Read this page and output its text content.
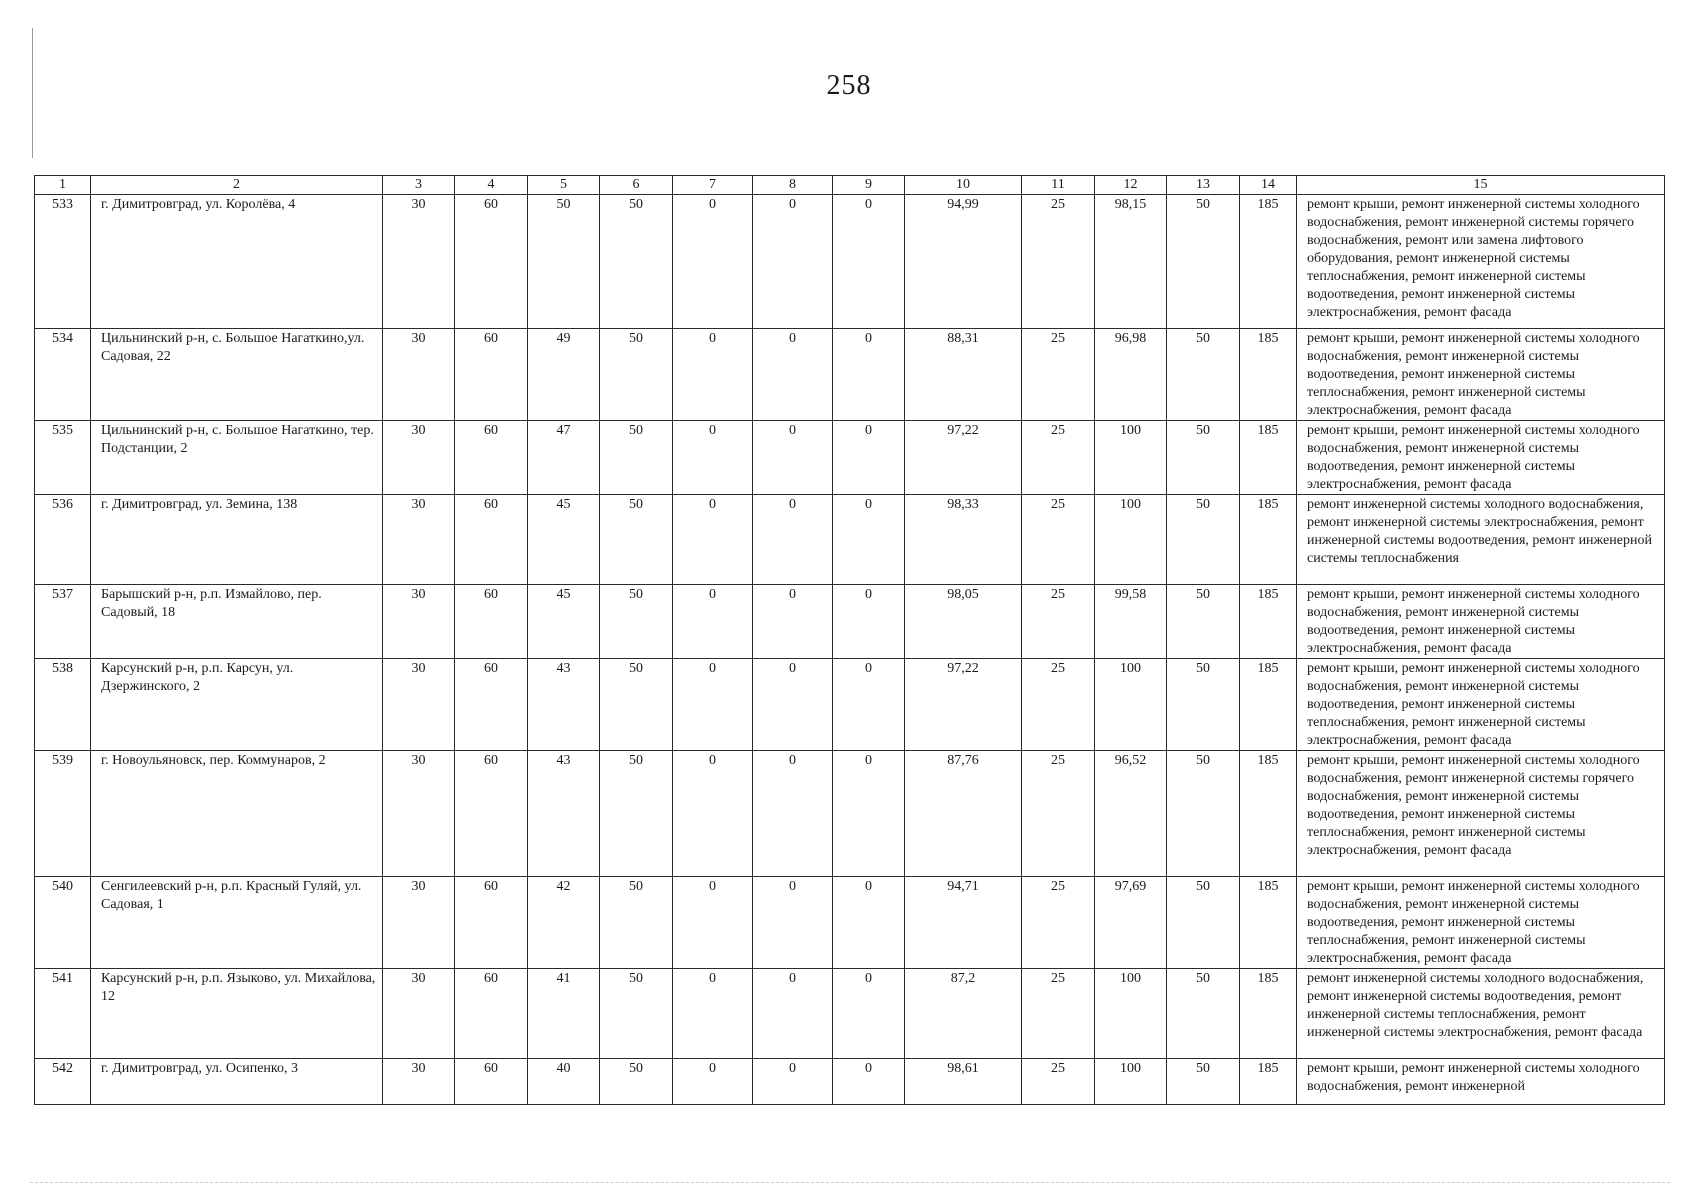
258
1	2	3	4	5	6	7	8	9	10	11	12	13	14	15
533	г. Димитровград, ул. Королёва, 4	30	60	50	50	0	0	0	94,99	25	98,15	50	185	ремонт крыши, ремонт инженерной системы холодного водоснабжения, ремонт инженерной системы горячего водоснабжения, ремонт или замена лифтового оборудования, ремонт инженерной системы теплоснабжения, ремонт инженерной системы водоотведения, ремонт инженерной системы электроснабжения, ремонт фасада
534	Цильнинский р-н, с. Большое Нагаткино,ул. Садовая, 22	30	60	49	50	0	0	0	88,31	25	96,98	50	185	ремонт крыши, ремонт инженерной системы холодного водоснабжения, ремонт инженерной системы водоотведения, ремонт инженерной системы теплоснабжения, ремонт инженерной системы электроснабжения, ремонт фасада
535	Цильнинский р-н, с. Большое Нагаткино, тер. Подстанции, 2	30	60	47	50	0	0	0	97,22	25	100	50	185	ремонт крыши, ремонт инженерной системы холодного водоснабжения, ремонт инженерной системы водоотведения, ремонт инженерной системы электроснабжения, ремонт фасада
536	г. Димитровград, ул. Земина, 138	30	60	45	50	0	0	0	98,33	25	100	50	185	ремонт инженерной системы холодного водоснабжения, ремонт инженерной системы электроснабжения, ремонт инженерной системы водоотведения, ремонт инженерной системы теплоснабжения
537	Барышский р-н, р.п. Измайлово, пер. Садовый, 18	30	60	45	50	0	0	0	98,05	25	99,58	50	185	ремонт крыши, ремонт инженерной системы холодного водоснабжения, ремонт инженерной системы водоотведения, ремонт инженерной системы электроснабжения, ремонт фасада
538	Карсунский р-н, р.п. Карсун, ул. Дзержинского, 2	30	60	43	50	0	0	0	97,22	25	100	50	185	ремонт крыши, ремонт инженерной системы холодного водоснабжения, ремонт инженерной системы водоотведения, ремонт инженерной системы теплоснабжения, ремонт инженерной системы электроснабжения, ремонт фасада
539	г. Новоульяновск, пер. Коммунаров, 2	30	60	43	50	0	0	0	87,76	25	96,52	50	185	ремонт крыши, ремонт инженерной системы холодного водоснабжения, ремонт инженерной системы горячего водоснабжения, ремонт инженерной системы водоотведения, ремонт инженерной системы теплоснабжения, ремонт инженерной системы электроснабжения, ремонт фасада
540	Сенгилеевский р-н, р.п. Красный Гуляй, ул. Садовая, 1	30	60	42	50	0	0	0	94,71	25	97,69	50	185	ремонт крыши, ремонт инженерной системы холодного водоснабжения, ремонт инженерной системы водоотведения, ремонт инженерной системы теплоснабжения, ремонт инженерной системы электроснабжения, ремонт фасада
541	Карсунский р-н, р.п. Языково, ул. Михайлова, 12	30	60	41	50	0	0	0	87,2	25	100	50	185	ремонт инженерной системы холодного водоснабжения, ремонт инженерной системы водоотведения, ремонт инженерной системы теплоснабжения, ремонт инженерной системы электроснабжения, ремонт фасада
542	г. Димитровград, ул. Осипенко, 3	30	60	40	50	0	0	0	98,61	25	100	50	185	ремонт крыши, ремонт инженерной системы холодного водоснабжения, ремонт инженерной
